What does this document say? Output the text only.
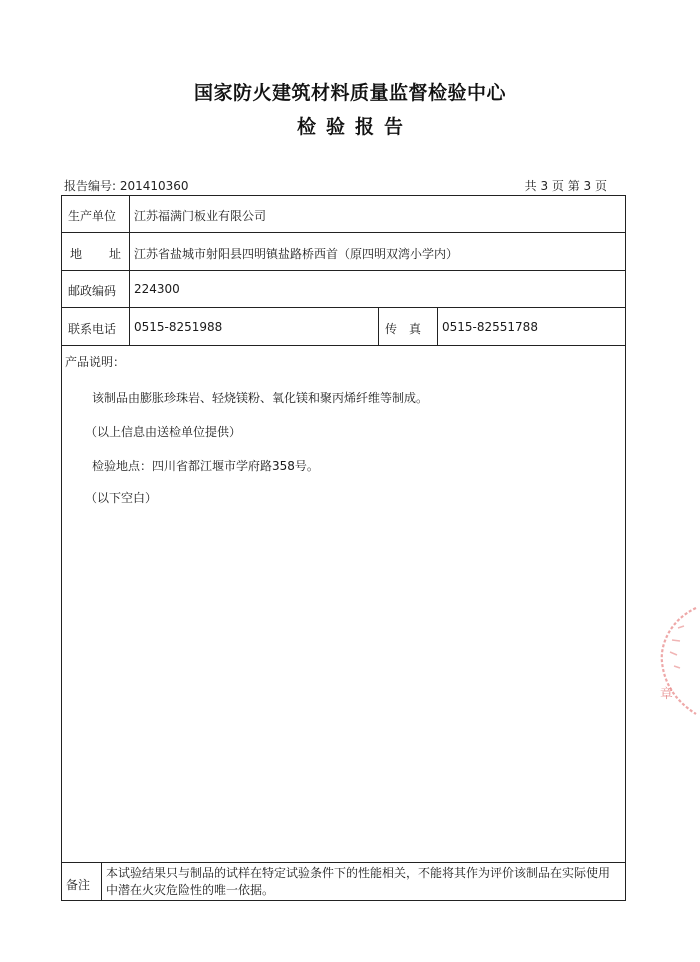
国家防火建筑材料质量监督检验中心
检验报告
报告编号: 201410360	共 3 页 第 3 页
生产单位 江苏福满门板业有限公司
地址
江苏省盐城市射阳县四明镇盐路桥西首（原四明双湾小学内）
邮政编码 224300
联系电话 0515-8251988	传真 0515-82551788
产品说明：
该制品由膨胀珍珠岩、轻烧镁粉、氧化镁和聚丙烯纤维等制成。
（以上信息由送检单位提供）
检验地点：四川省都江堰市学府路358号。
（以下空白）
备注
本试验结果只与制品的试样在特定试验条件下的性能相关，不能将其作为评价该制品在实际使用中潜在火灾危险性的唯一依据。
章
